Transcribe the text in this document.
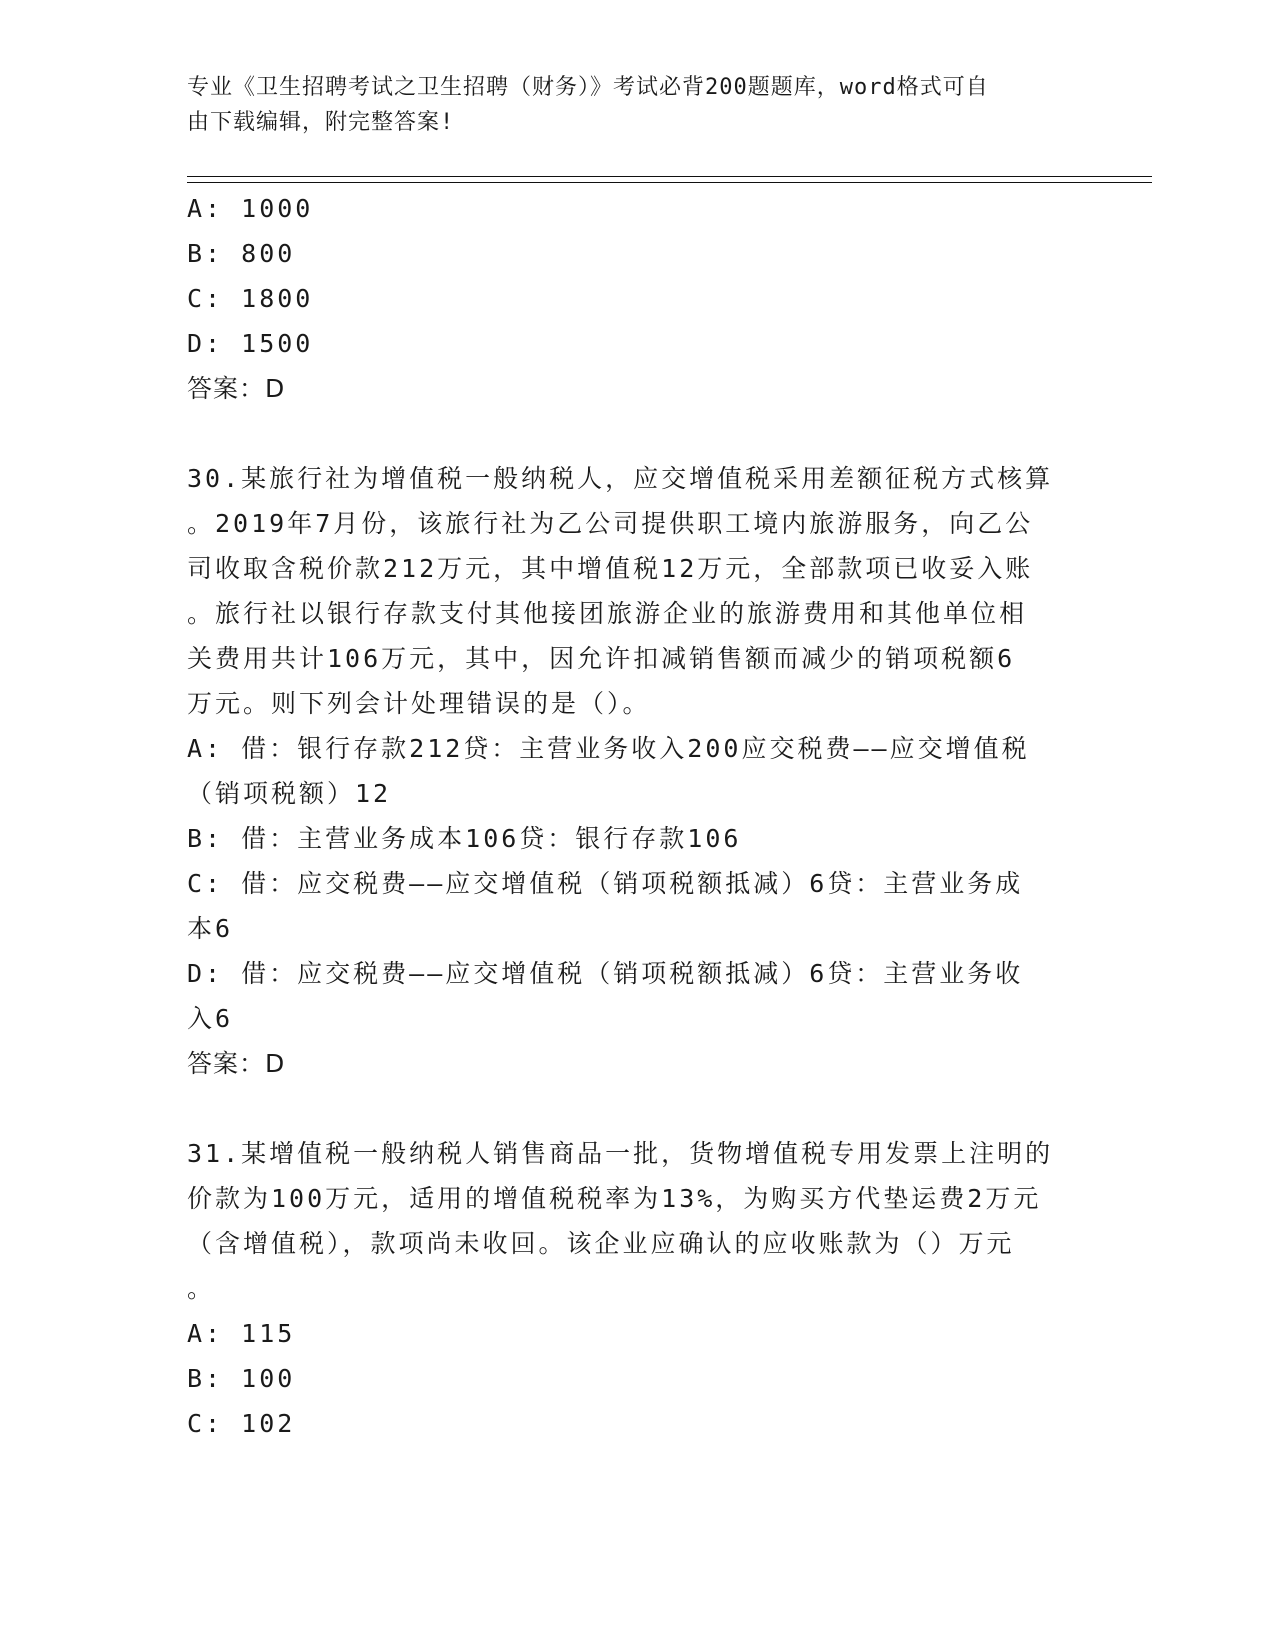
专业《卫生招聘考试之卫生招聘（财务）》考试必背200题题库，word格式可自
由下载编辑，附完整答案!
A: 1000
B: 800
C: 1800
D: 1500
答案：D
30.某旅行社为增值税一般纳税人，应交增值税采用差额征税方式核算
。2019年7月份，该旅行社为乙公司提供职工境内旅游服务，向乙公
司收取含税价款212万元，其中增值税12万元，全部款项已收妥入账
。旅行社以银行存款支付其他接团旅游企业的旅游费用和其他单位相
关费用共计106万元，其中，因允许扣减销售额而减少的销项税额6
万元。则下列会计处理错误的是（）。
A: 借：银行存款212贷：主营业务收入200应交税费——应交增值税
（销项税额）12
B: 借：主营业务成本106贷：银行存款106
C: 借：应交税费——应交增值税（销项税额抵减）6贷：主营业务成
本6
D: 借：应交税费——应交增值税（销项税额抵减）6贷：主营业务收
入6
答案：D
31.某增值税一般纳税人销售商品一批，货物增值税专用发票上注明的
价款为100万元，适用的增值税税率为13%，为购买方代垫运费2万元
（含增值税），款项尚未收回。该企业应确认的应收账款为（）万元
。
A: 115
B: 100
C: 102
